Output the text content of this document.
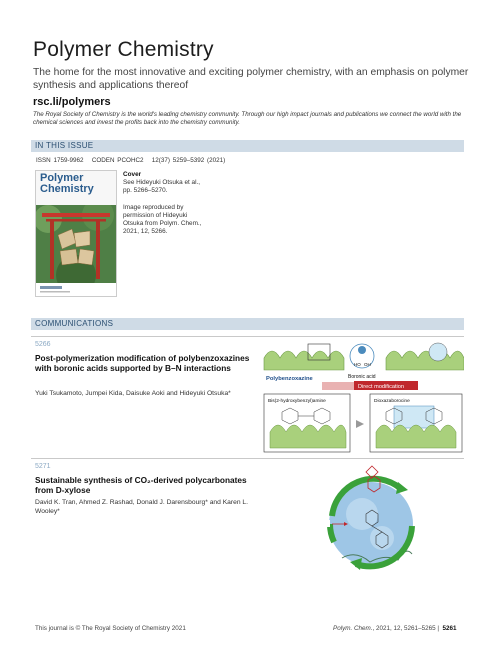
Polymer Chemistry
The home for the most innovative and exciting polymer chemistry, with an emphasis on polymer synthesis and applications thereof
rsc.li/polymers
The Royal Society of Chemistry is the world's leading chemistry community. Through our high impact journals and publications we connect the world with the chemical sciences and invest the profits back into the chemistry community.
IN THIS ISSUE
ISSN 1759-9962 CODEN PCOHC2 12(37) 5259–5392 (2021)
Polymer
Chemistry
Cover
See Hideyuki Otsuka et al.,
pp. 5266–5270.
Image reproduced by
permission of Hideyuki
Otsuka from Polym. Chem.,
2021, 12, 5266.
COMMUNICATIONS
5266
Post-polymerization modification of polybenzoxazines with boronic acids supported by B–N interactions
Yuki Tsukamoto, Jumpei Kida, Daisuke Aoki and Hideyuki Otsuka*
HO OH
Polybenzoxazine	Boronic acid
Direct modification
Bis(2-hydroxybenzyl)amine	Dioxazaborocine
5271
Sustainable synthesis of CO₂-derived polycarbonates from D-xylose
David K. Tran, Ahmed Z. Rashad, Donald J. Darensbourg* and Karen L. Wooley*
This journal is © The Royal Society of Chemistry 2021	Polym. Chem., 2021, 12, 5261–5265 |  5261
